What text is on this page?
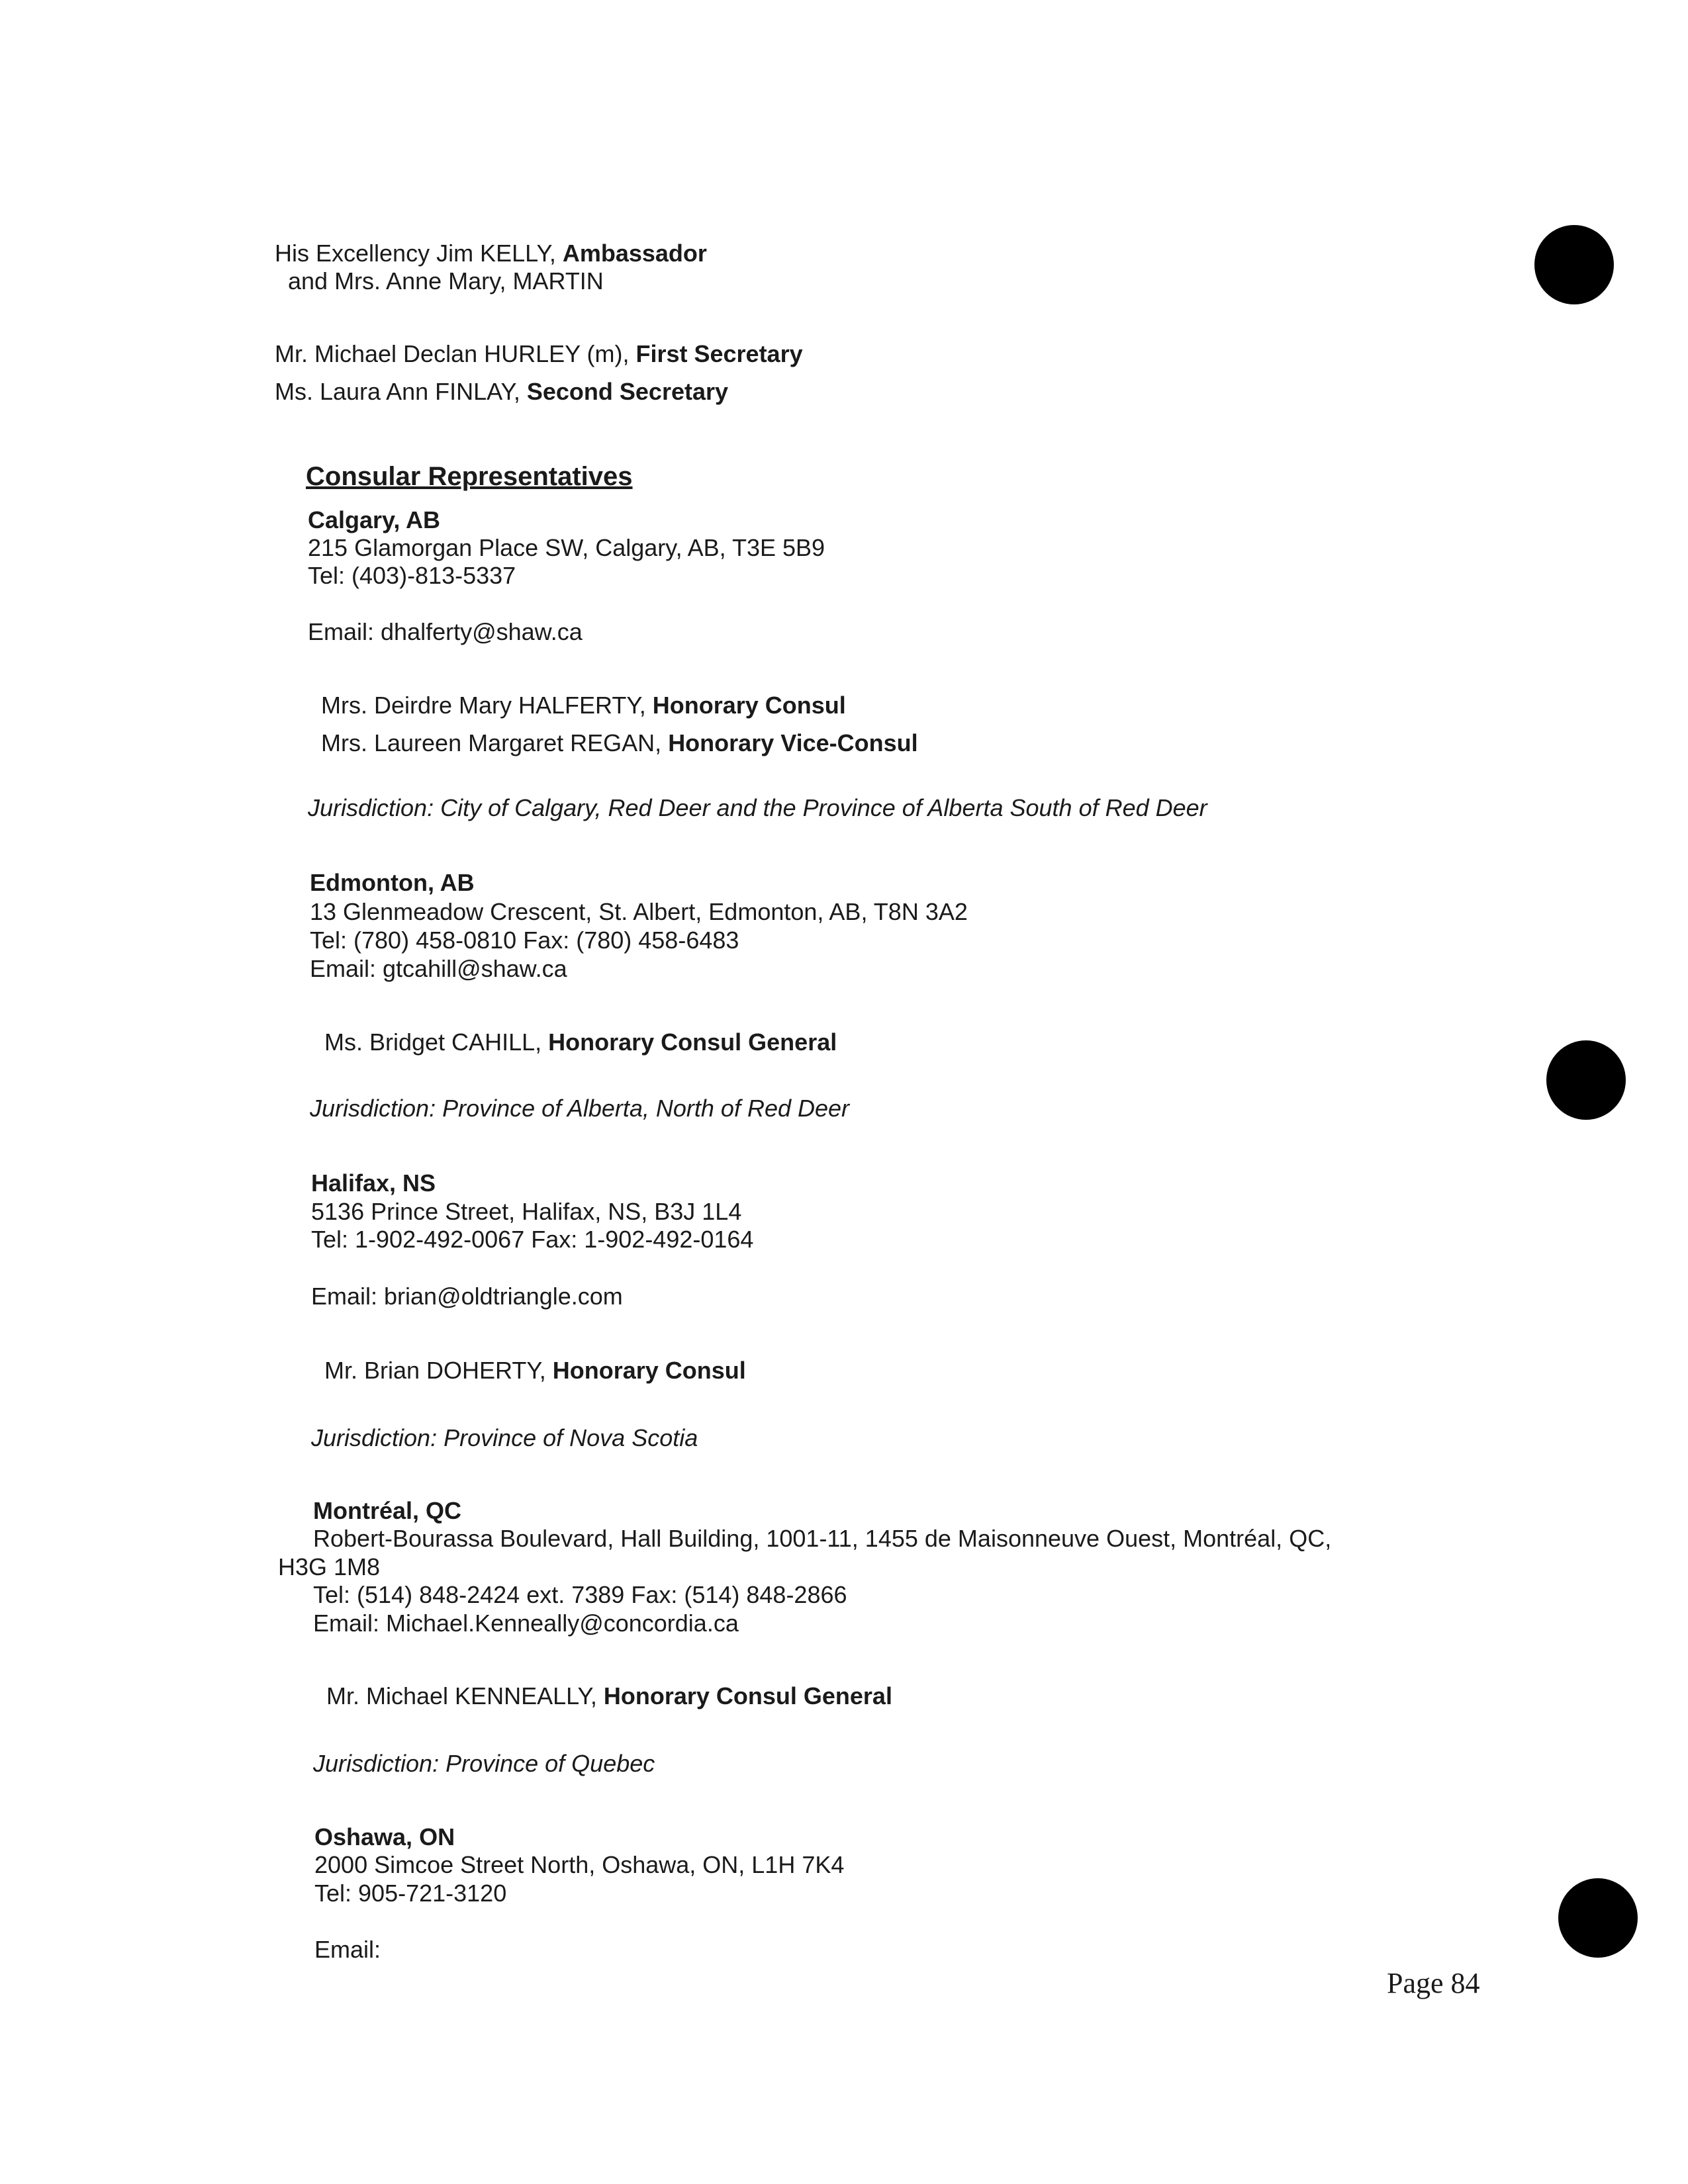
His Excellency Jim KELLY, Ambassador
and Mrs. Anne Mary, MARTIN
Mr. Michael Declan HURLEY (m), First Secretary
Ms. Laura Ann FINLAY, Second Secretary
Consular Representatives
Calgary, AB
215 Glamorgan Place SW, Calgary, AB, T3E 5B9
Tel: (403)-813-5337
Email: dhalferty@shaw.ca
Mrs. Deirdre Mary HALFERTY, Honorary Consul
Mrs. Laureen Margaret REGAN, Honorary Vice-Consul
Jurisdiction: City of Calgary, Red Deer and the Province of Alberta South of Red Deer
Edmonton, AB
13 Glenmeadow Crescent, St. Albert, Edmonton, AB, T8N 3A2
Tel: (780) 458-0810 Fax: (780) 458-6483
Email: gtcahill@shaw.ca
Ms. Bridget CAHILL, Honorary Consul General
Jurisdiction: Province of Alberta, North of Red Deer
Halifax, NS
5136 Prince Street, Halifax, NS, B3J 1L4
Tel: 1-902-492-0067 Fax: 1-902-492-0164
Email: brian@oldtriangle.com
Mr. Brian DOHERTY, Honorary Consul
Jurisdiction: Province of Nova Scotia
Montréal, QC
Robert-Bourassa Boulevard, Hall Building, 1001-11, 1455 de Maisonneuve Ouest, Montréal, QC,
H3G 1M8
Tel: (514) 848-2424 ext. 7389 Fax: (514) 848-2866
Email: Michael.Kenneally@concordia.ca
Mr. Michael KENNEALLY, Honorary Consul General
Jurisdiction: Province of Quebec
Oshawa, ON
2000 Simcoe Street North, Oshawa, ON, L1H 7K4
Tel: 905-721-3120
Email:
Page 84
